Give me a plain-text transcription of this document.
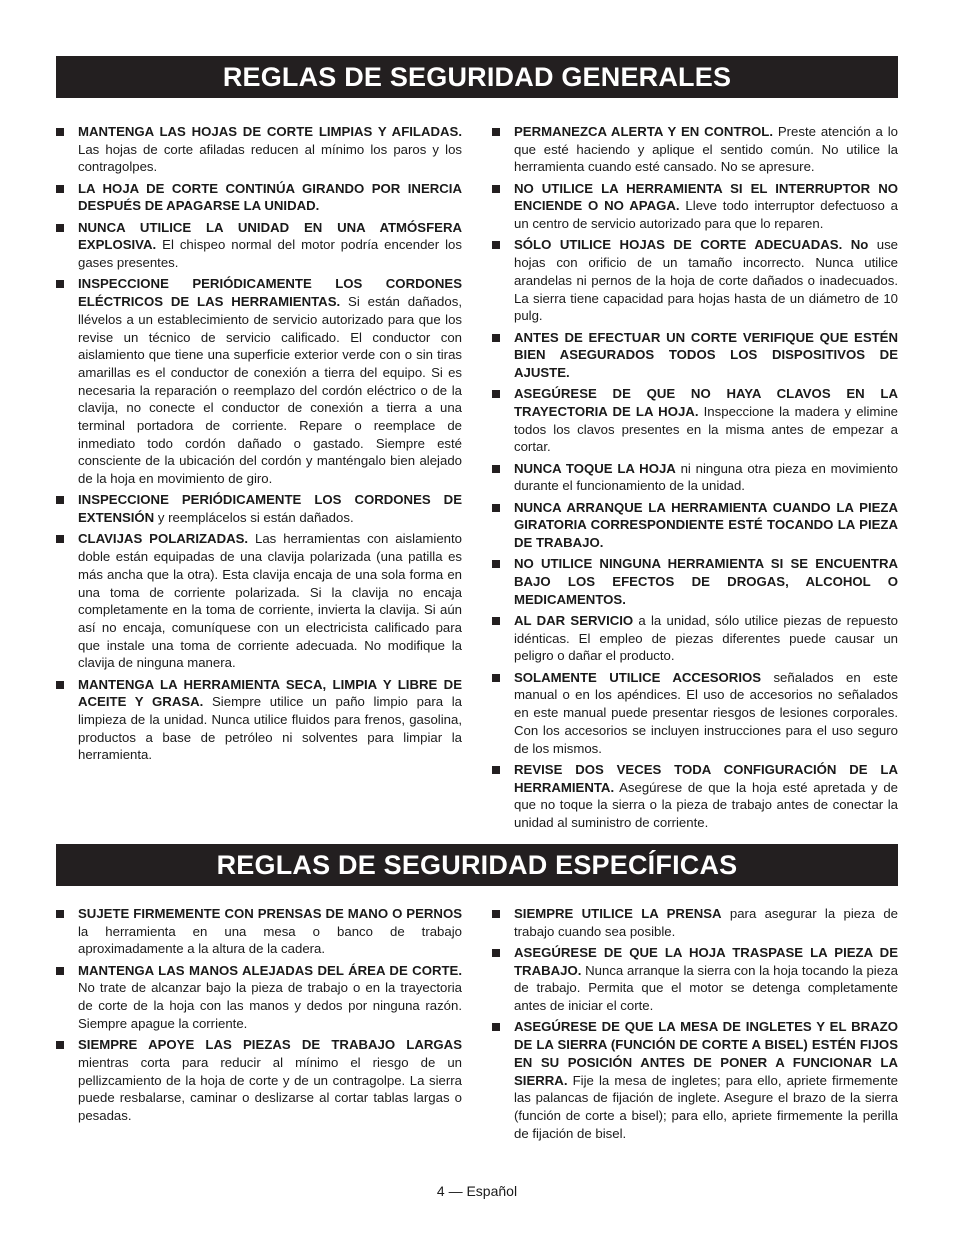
REGLAS DE SEGURIDAD GENERALES
MANTENGA LAS HOJAS DE CORTE LIMPIAS Y AFILADAS. Las hojas de corte afiladas reducen al mínimo los paros y los contragolpes.
LA HOJA DE CORTE CONTINÚA GIRANDO POR INERCIA DESPUÉS DE APAGARSE LA UNIDAD.
NUNCA UTILICE LA UNIDAD EN UNA ATMÓSFERA EXPLOSIVA. El chispeo normal del motor podría encender los gases presentes.
INSPECCIONE PERIÓDICAMENTE LOS CORDONES ELÉCTRICOS DE LAS HERRAMIENTAS. Si están dañados, llévelos a un establecimiento de servicio autorizado para que los revise un técnico de servicio calificado. El conductor con aislamiento que tiene una superficie exterior verde con o sin tiras amarillas es el conductor de conexión a tierra del equipo. Si es necesaria la reparación o reemplazo del cordón eléctrico o de la clavija, no conecte el conductor de conexión a tierra a una terminal portadora de corriente. Repare o reemplace de inmediato todo cordón dañado o gastado. Siempre esté consciente de la ubicación del cordón y manténgalo bien alejado de la hoja en movimiento de giro.
INSPECCIONE PERIÓDICAMENTE LOS CORDONES DE EXTENSIÓN y reemplácelos si están dañados.
CLAVIJAS POLARIZADAS. Las herramientas con aislamiento doble están equipadas de una clavija polarizada (una patilla es más ancha que la otra). Esta clavija encaja de una sola forma en una toma de corriente polarizada. Si la clavija no encaja completamente en la toma de corriente, invierta la clavija. Si aún así no encaja, comuníquese con un electricista calificado para que instale una toma de corriente adecuada. No modifique la clavija de ninguna manera.
MANTENGA LA HERRAMIENTA SECA, LIMPIA Y LIBRE DE ACEITE Y GRASA. Siempre utilice un paño limpio para la limpieza de la unidad. Nunca utilice fluidos para frenos, gasolina, productos a base de petróleo ni solventes para limpiar la herramienta.
PERMANEZCA ALERTA Y EN CONTROL. Preste atención a lo que esté haciendo y aplique el sentido común. No utilice la herramienta cuando esté cansado. No se apresure.
NO UTILICE LA HERRAMIENTA SI EL INTERRUPTOR NO ENCIENDE O NO APAGA. Lleve todo interruptor defectuoso a un centro de servicio autorizado para que lo reparen.
SÓLO UTILICE HOJAS DE CORTE ADECUADAS. No use hojas con orificio de un tamaño incorrecto. Nunca utilice arandelas ni pernos de la hoja de corte dañados o inadecuados. La sierra tiene capacidad para hojas hasta de un diámetro de 10 pulg.
ANTES DE EFECTUAR UN CORTE VERIFIQUE QUE ESTÉN BIEN ASEGURADOS TODOS LOS DISPOSITIVOS DE AJUSTE.
ASEGÚRESE DE QUE NO HAYA CLAVOS EN LA TRAYECTORIA DE LA HOJA. Inspeccione la madera y elimine todos los clavos presentes en la misma antes de empezar a cortar.
NUNCA TOQUE LA HOJA ni ninguna otra pieza en movimiento durante el funcionamiento de la unidad.
NUNCA ARRANQUE LA HERRAMIENTA CUANDO LA PIEZA GIRATORIA CORRESPONDIENTE ESTÉ TOCANDO LA PIEZA DE TRABAJO.
NO UTILICE NINGUNA HERRAMIENTA SI SE ENCUENTRA BAJO LOS EFECTOS DE DROGAS, ALCOHOL O MEDICAMENTOS.
AL DAR SERVICIO a la unidad, sólo utilice piezas de repuesto idénticas. El empleo de piezas diferentes puede causar un peligro o dañar el producto.
SOLAMENTE UTILICE ACCESORIOS señalados en este manual o en los apéndices. El uso de accesorios no señalados en este manual puede presentar riesgos de lesiones corporales. Con los accesorios se incluyen instrucciones para el uso seguro de los mismos.
REVISE DOS VECES TODA CONFIGURACIÓN DE LA HERRAMIENTA. Asegúrese de que la hoja esté apretada y de que no toque la sierra o la pieza de trabajo antes de conectar la unidad al suministro de corriente.
REGLAS DE SEGURIDAD ESPECÍFICAS
SUJETE FIRMEMENTE CON PRENSAS DE MANO O PERNOS la herramienta en una mesa o banco de trabajo aproximadamente a la altura de la cadera.
MANTENGA LAS MANOS ALEJADAS DEL ÁREA DE CORTE. No trate de alcanzar bajo la pieza de trabajo o en la trayectoria de corte de la hoja con las manos y dedos por ninguna razón. Siempre apague la corriente.
SIEMPRE APOYE LAS PIEZAS DE TRABAJO LARGAS mientras corta para reducir al mínimo el riesgo de un pellizcamiento de la hoja de corte y de un contragolpe. La sierra puede resbalarse, caminar o deslizarse al cortar tablas largas o pesadas.
SIEMPRE UTILICE LA PRENSA para asegurar la pieza de trabajo cuando sea posible.
ASEGÚRESE DE QUE LA HOJA TRASPASE LA PIEZA DE TRABAJO. Nunca arranque la sierra con la hoja tocando la pieza de trabajo. Permita que el motor se detenga completamente antes de iniciar el corte.
ASEGÚRESE DE QUE LA MESA DE INGLETES Y EL BRAZO DE LA SIERRA (FUNCIÓN DE CORTE A BISEL) ESTÉN FIJOS EN SU POSICIÓN ANTES DE PONER A FUNCIONAR LA SIERRA. Fije la mesa de ingletes; para ello, apriete firmemente las palancas de fijación de inglete. Asegure el brazo de la sierra (función de corte a bisel); para ello, apriete firmemente la perilla de fijación de bisel.
4 — Español
